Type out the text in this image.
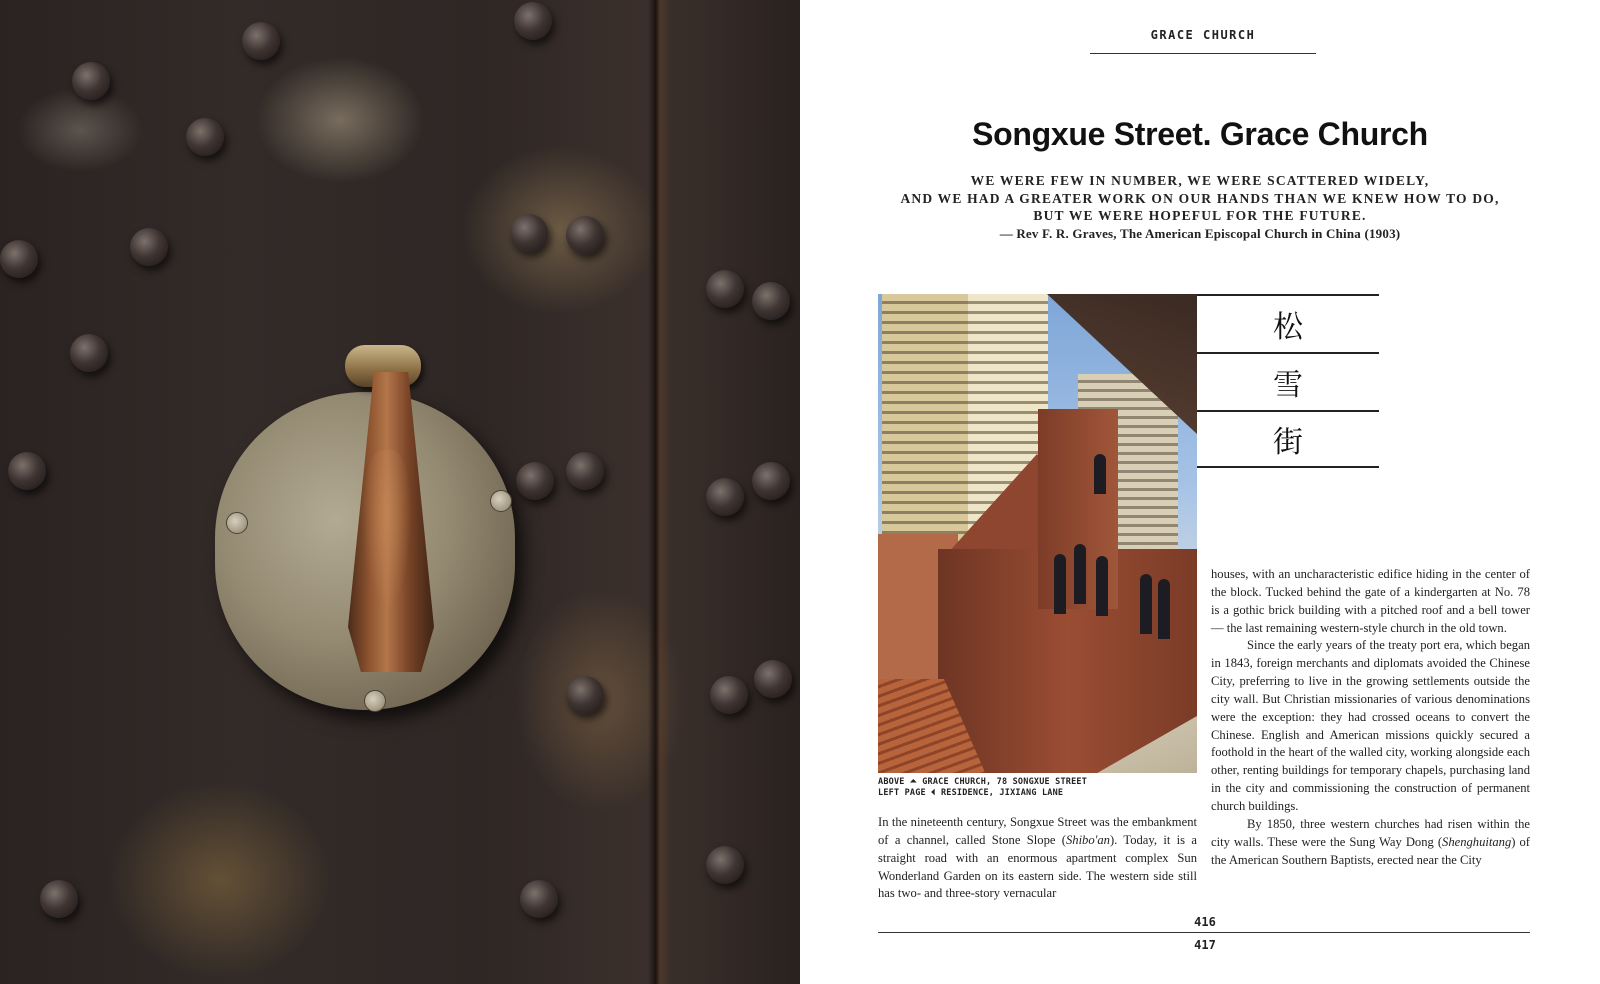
GRACE CHURCH
Songxue Street. Grace Church
WE WERE FEW IN NUMBER, WE WERE SCATTERED WIDELY,
AND WE HAD A GREATER WORK ON OUR HANDS THAN WE KNEW HOW TO DO,
BUT WE WERE HOPEFUL FOR THE FUTURE.
— Rev F. R. Graves, The American Episcopal Church in China (1903)
ABOVE ⏶ GRACE CHURCH, 78 SONGXUE STREET
LEFT PAGE ⏴ RESIDENCE, JIXIANG LANE
松
雪
街

In the nineteenth century, Songxue Street was the embankment of a channel, called Stone Slope (Shibo'an). Today, it is a straight road with an enormous apartment complex Sun Wonderland Garden on its eastern side. The western side still has two- and three-story vernacular

houses, with an uncharacteristic edifice hiding in the center of the block. Tucked behind the gate of a kindergarten at No. 78 is a gothic brick building with a pitched roof and a bell tower — the last remaining western-style church in the old town.

Since the early years of the treaty port era, which began in 1843, foreign merchants and diplomats avoided the Chinese City, preferring to live in the growing settlements outside the city wall. But Christian missionaries of various denominations were the exception: they had crossed oceans to convert the Chinese. English and American missions quickly secured a foothold in the heart of the walled city, working alongside each other, renting buildings for temporary chapels, purchasing land in the city and commissioning the construction of permanent church buildings.

By 1850, three western churches had risen within the city walls. These were the Sung Way Dong (Shenghuitang) of the American Southern Baptists, erected near the City

416
417
